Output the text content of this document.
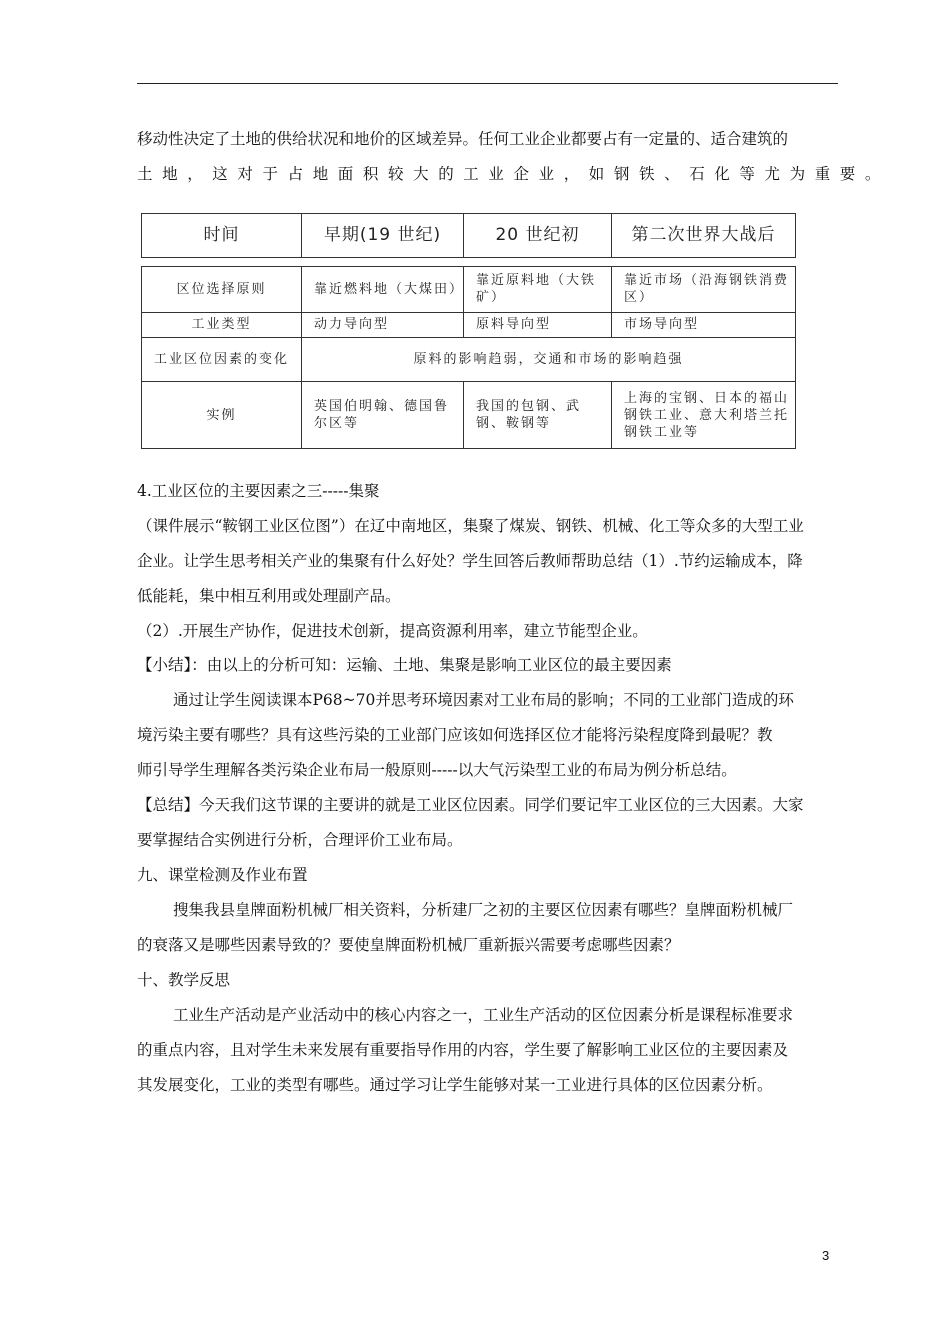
移动性决定了土地的供给状况和地价的区域差异。任何工业企业都要占有一定量的、适合建筑的
土地，这对于占地面积较大的工业企业，如钢铁、石化等尤为重要。
时间	早期(19 世纪)	20 世纪初	第二次世界大战后

区位选择原则	靠近燃料地（大煤田）	靠近原料地（大铁矿）	靠近市场（沿海钢铁消费区）
工业类型	动力导向型	原料导向型	市场导向型
工业区位因素的变化	原料的影响趋弱，交通和市场的影响趋强		
实例	英国伯明翰、德国鲁尔区等	我国的包钢、武钢、鞍钢等	上海的宝钢、日本的福山钢铁工业、意大利塔兰托钢铁工业等
4.工业区位的主要因素之三-----集聚
（课件展示“鞍钢工业区位图”）在辽中南地区，集聚了煤炭、钢铁、机械、化工等众多的大型工业
企业。让学生思考相关产业的集聚有什么好处？学生回答后教师帮助总结（1）.节约运输成本，降
低能耗，集中相互利用或处理副产品。
（2）.开展生产协作，促进技术创新，提高资源利用率，建立节能型企业。
【小结】：由以上的分析可知：运输、土地、集聚是影响工业区位的最主要因素
通过让学生阅读课本P68~70并思考环境因素对工业布局的影响；不同的工业部门造成的环
境污染主要有哪些？具有这些污染的工业部门应该如何选择区位才能将污染程度降到最呢？教
师引导学生理解各类污染企业布局一般原则-----以大气污染型工业的布局为例分析总结。
【总结】今天我们这节课的主要讲的就是工业区位因素。同学们要记牢工业区位的三大因素。大家
要掌握结合实例进行分析，合理评价工业布局。
九、课堂检测及作业布置
搜集我县皇牌面粉机械厂相关资料，分析建厂之初的主要区位因素有哪些？皇牌面粉机械厂
的衰落又是哪些因素导致的？要使皇牌面粉机械厂重新振兴需要考虑哪些因素？
十、教学反思
工业生产活动是产业活动中的核心内容之一，工业生产活动的区位因素分析是课程标准要求
的重点内容，且对学生未来发展有重要指导作用的内容，学生要了解影响工业区位的主要因素及
其发展变化，工业的类型有哪些。通过学习让学生能够对某一工业进行具体的区位因素分析。
3
